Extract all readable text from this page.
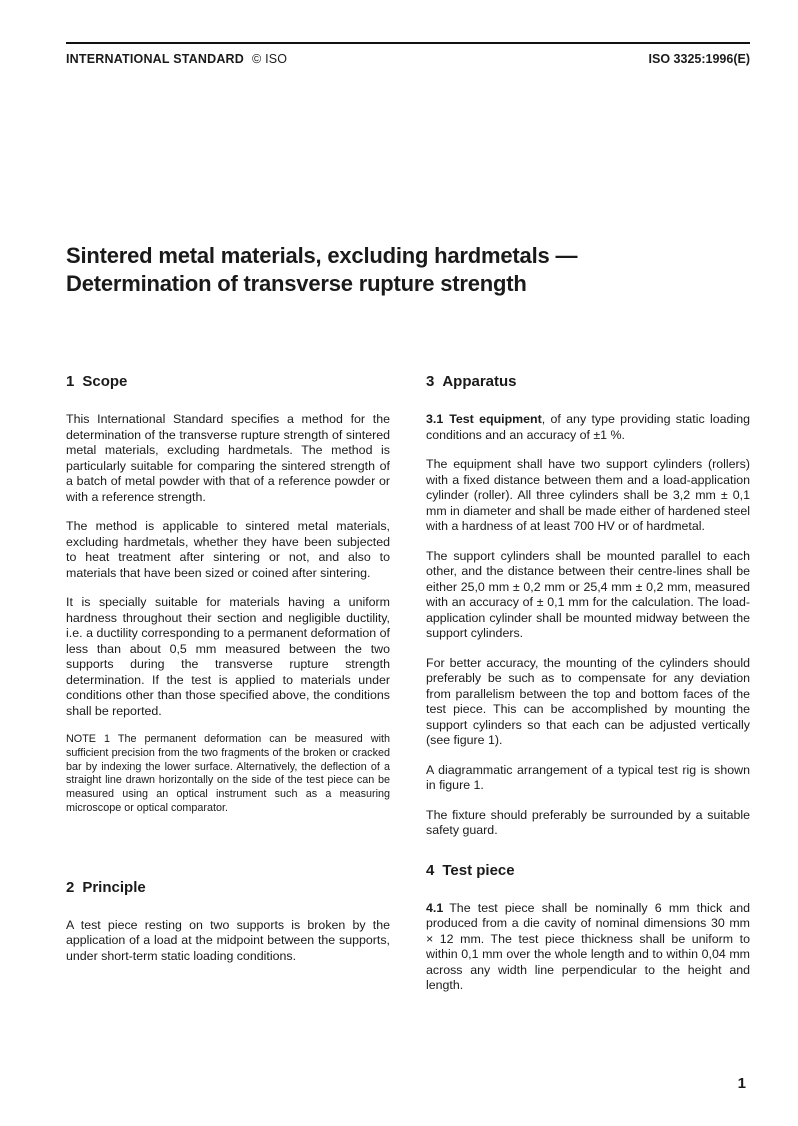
INTERNATIONAL STANDARD © ISO	ISO 3325:1996(E)
Sintered metal materials, excluding hardmetals —
Determination of transverse rupture strength
1 Scope

This International Standard specifies a method for the determination of the transverse rupture strength of sintered metal materials, excluding hardmetals. The method is particularly suitable for comparing the sintered strength of a batch of metal powder with that of a reference powder or with a reference strength.

The method is applicable to sintered metal materials, excluding hardmetals, whether they have been subjected to heat treatment after sintering or not, and also to materials that have been sized or coined after sintering.

It is specially suitable for materials having a uniform hardness throughout their section and negligible ductility, i.e. a ductility corresponding to a permanent deformation of less than about 0,5 mm measured between the two supports during the transverse rupture strength determination. If the test is applied to materials under conditions other than those specified above, the conditions shall be reported.

NOTE 1 The permanent deformation can be measured with sufficient precision from the two fragments of the broken or cracked bar by indexing the lower surface. Alternatively, the deflection of a straight line drawn horizontally on the side of the test piece can be measured using an optical instrument such as a measuring microscope or optical comparator.

2 Principle

A test piece resting on two supports is broken by the application of a load at the midpoint between the supports, under short-term static loading conditions.

3 Apparatus

3.1 Test equipment, of any type providing static loading conditions and an accuracy of ±1 %.

The equipment shall have two support cylinders (rollers) with a fixed distance between them and a load-application cylinder (roller). All three cylinders shall be 3,2 mm ± 0,1 mm in diameter and shall be made either of hardened steel with a hardness of at least 700 HV or of hardmetal.

The support cylinders shall be mounted parallel to each other, and the distance between their centre-lines shall be either 25,0 mm ± 0,2 mm or 25,4 mm ± 0,2 mm, measured with an accuracy of ± 0,1 mm for the calculation. The load-application cylinder shall be mounted midway between the support cylinders.

For better accuracy, the mounting of the cylinders should preferably be such as to compensate for any deviation from parallelism between the top and bottom faces of the test piece. This can be accomplished by mounting the support cylinders so that each can be adjusted vertically (see figure 1).

A diagrammatic arrangement of a typical test rig is shown in figure 1.

The fixture should preferably be surrounded by a suitable safety guard.

4 Test piece

4.1 The test piece shall be nominally 6 mm thick and produced from a die cavity of nominal dimensions 30 mm × 12 mm. The test piece thickness shall be uniform to within 0,1 mm over the whole length and to within 0,04 mm across any width line perpendicular to the height and length.

1
